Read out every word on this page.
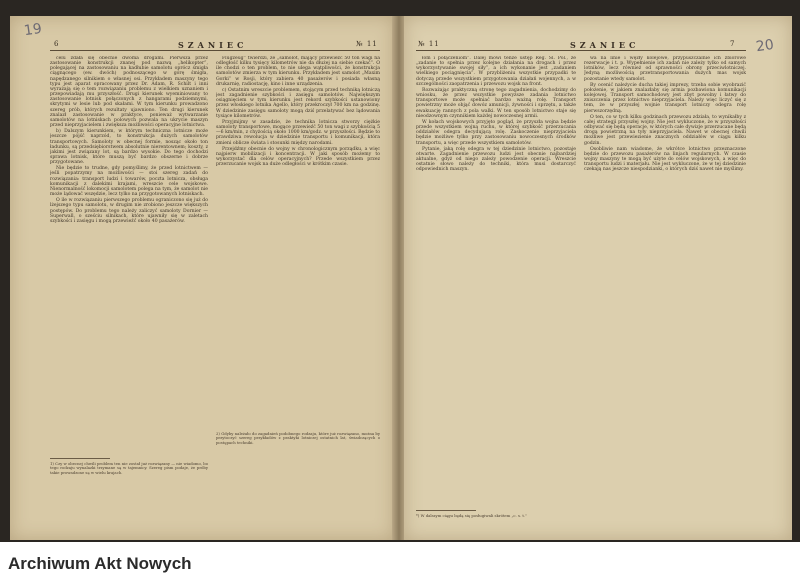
19
6	SZANIEC	№ 11

celu zdała się obecnie dwoma drogami. Pierwsza przez zastosowanie konstrukcji znanej pod nazwą „helikopter”, polegającej na zastosowaniu na kadłubie samolotu oprócz śmigła ciągnącego (ew. dwóch) podnoszącego w górę śmigła, napędzanego silnikiem o własnej osi. Przykładem maszyny tego typu jest aparat opracowany przez Dr. Adam, R. Schilt i inni wyrażają się o tem rozwiązaniu problemu z wielkiem uznaniem i przepowiadają mu przyszłość. Drugi kierunek wyeminiowany to zastosowanie lotnisk połączonych z hangarami podziemnymi, skrytymi w lesie lub pod skałami. W tym kierunku prowadzono szereg prób, których rezultaty ujawniono. Ten drugi kierunek znalazł zastosowanie w praktyce, ponieważ wytwarzanie samolotów na lotniskach polowych pozwala na ukrycie maszyn przed nieprzyjacielem i zwiększa możliwości operacyjne lotnictwa.

b) Dalszym kierunkiem, w którym techniczna lotnicze może jeszcze pójść naprzód, to konstrukcja dużych samolotów transportowych. Samoloty w obecnej formie, nosząc około ton ładunku, są przedsiębiorstwem absolutnie nierentownem; koszty, z jakimi jest związany lot, są bardzo wysokie. Do tego dochodzi sprawa lotnisk, które muszą być bardzo obszerne i dobrze przygotowane.

Nie będzie to trudne, gdy pomyślimy, że przed lotnictwem — jeśli popatrzymy na możliwości — stoi szereg zadań do rozwiązania: transport ludzi i towarów, poczta lotnicza, obsługa komunikacji z dalekimi krajami, wreszcie cele wojskowe. Nienormalność lokomocji samolotem polega na tym, że samolot nie może lądować wszędzie, lecz tylko na przygotowanych lotniskach.

O ile w rozwiązaniu pierwszego problemu ograniczono się już do lżejszego typu samolotu, w drugim nie zrobiono jeszcze większych postępów. Do problemu tego należy zaliczyć samoloty Dornier — Superwall, o sześciu silnikach, które ujawniły się w zaletach szybkości i zasięgu i mogą przewieźć około 40 pasażerów.

Flugzeug” twierdzi, że „samolot, mający przewieźć 50 ton wagi na odległość kilku tysięcy kilometrów nie da dłużej na siebie czekać”. O ile chodzi o ten problem, to nie ulega wątpliwości, że konstrukcja samolotów zmierza w tym kierunku. Przykładem jest samolot „Maxim Gorki” w Rosji, który zabiera 40 pasażerów i posiada własną drukarnię, radiostację, kino i inne urządzenia.

c) Ostatnim wreszcie problemem, stojącym przed techniką lotniczą jest zagadnienie szybkości i zasięgu samolotów. Największym osiągnięciem w tym kierunku jest rekord szybkości ustanowiony przez włoskiego lotnika Agello, który przekroczył 700 km na godzinę. W dziedzinie zasięgu samoloty mogą dziś przelatywać bez lądowania tysiące kilometrów.

Przyjmijmy w zasadzie, że technika lotnicza stworzy ciężkie samoloty transportowe, mogące przewieźć 50 ton wagi z szybkością 5—6 km/min, z chyżością około 1000 km/godz. w przyszłości. Będzie to prawdziwa rewolucja w dziedzinie transportu i komunikacji, która zmieni oblicze świata i stosunki między narodami.

Przejdźmy obecnie do wojny w chronologicznym porządku, a więc najpierw mobilizacji i koncentracji. W jaki sposób możemy to wykorzystać dla celów operacyjnych? Przede wszystkiem przez przerzucanie wojsk na duże odległości w krótkim czasie.

1) Czy w obecnej chwili problem ten nie został już rozwiązany — nie wiadomo, bo tego rodzaju wynalazki trzymane są w tajemnicy. Szereg pism podaje, że próby takie prowadzone są w wielu krajach.
2) Gdyby należało do zagadnień podobnego rodzaju, które już rozwiązano, można by przytoczyć szereg przykładów z praktyki lotniczej ostatnich lat, świadczących o postępach techniki.
№ 11	SZANIEC	7 20

łom i połączeniom”. Dalej mówi tenże ustęp Reg. Sl. Pol., że „zadanie to spełnia przez kolejne działania na drogach i przez wykorzystywanie swojej siły”, a ich wykonanie jest „zadaniem wielkiego pociągnięcia”. W przybliżeniu wszystkie przypadki te dotyczą przede wszystkiem przygotowania działań wojennych, a w szczególności zaopatrzenia i przewozu wojsk na front.

Rozważając praktyczną stronę tego zagadnienia, dochodzimy do wniosku, że przez wszystkie powyższe zadania lotnictwo transportowe może spełniać bardzo ważną rolę. Transport powietrzny może objąć dowóz amunicji, żywności i sprzętu, a także ewakuację rannych z pola walki. W ten sposób lotnictwo staje się nieodzownym czynnikiem każdej nowoczesnej armii.

W kołach wojskowych przyjęto pogląd, że przyszła wojna będzie przede wszystkiem wojną ruchu, w której szybkość przerzucania oddziałów odegra decydującą rolę. Zaskoczenie nieprzyjaciela będzie możliwe tylko przy zastosowaniu nowoczesnych środków transportu, a więc przede wszystkiem samolotów.

Pytanie, jaką rolę odegra w tej dziedzinie lotnictwo, pozostaje otwarte. Zagadnienie przewozu ludzi jest obecnie najbardziej aktualne, gdyż od niego zależy powodzenie operacji. Wreszcie ostatnie słowo należy do techniki, która musi dostarczyć odpowiednich maszyn.

wa na linie i węzły kolejowe, przypuszczalnie ich zbiorowe rezerwacje i t. p. Wypełnienie ich zadań nie zależy tylko od samych lotników, lecz również od sprawności obrony przeciwlotniczej. Jedyną możliwością przetransportowania dużych mas wojsk pozostanie wtedy samolot.

By ocenić należycie ducha takiej imprezy, trzeba sobie wyobrazić położenie, w jakiem znalazłaby się armia pozbawiona komunikacji kolejowej. Transport samochodowy jest zbyt powolny i łatwy do zniszczenia przez lotnictwo nieprzyjaciela. Należy więc liczyć się z tem, że w przyszłej wojnie transport lotniczy odegra rolę pierwszorzędną.

O ten, co w tych kilku godzinach przewozu zdziała, to wynikałby z całej strategji przyszłej wojny. Nie jest wykluczone, że w przyszłości odbywać się będą operacje, w których całe dywizje przerzucane będą drogą powietrzną na tyły nieprzyjaciela. Nawet w obecnej chwili możliwe jest przewiezienie znacznych oddziałów w ciągu kilku godzin.

Osobliwie nam wiadome, że wkrótce lotnictwo przeznaczone będzie do przewozu pasażerów na linjach regularnych. W czasie wojny maszyny te mogą być użyte do celów wojskowych, a więc do transportu ludzi i materjału. Nie jest wykluczone, że w tej dziedzinie czekają nas jeszcze niespodzianki, o których dziś nawet nie myślimy.

*) W dalszym ciągu będą się posługiwali skrótem „c. s. t.”
Archiwum Akt Nowych
